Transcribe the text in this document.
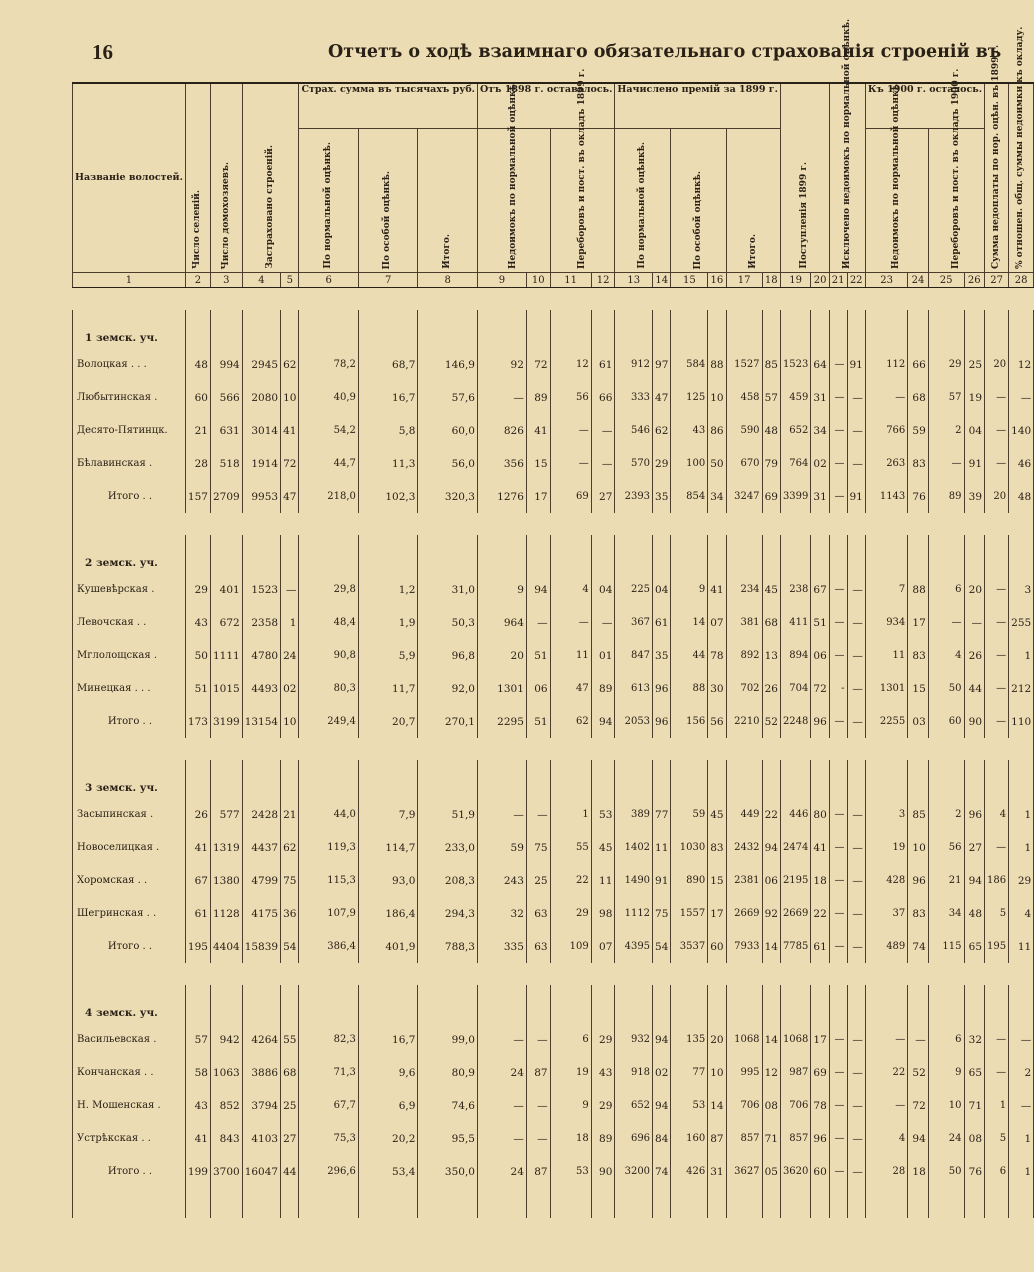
16	Отчетъ о ходѣ взаимнаго обязательнаго страхованія строеній въ
Названіе волостей.	Число селеній.	Число домохозяевъ.	Застраховано строеній.		Страх. сумма въ тысячахъ руб.			Отъ 1898 г. оставалось.				Начислено премій за 1899 г.						Поступленія 1899 г.		Исключено недоимокъ по нормальной оцѣнкѣ.		Къ 1900 г. осталось.				Сумма недоплаты по нор. оцѣн. въ 1899 г.	% отношен. общ. суммы недоимки къ окладу.
					По нормальной оцѣнкѣ.	По особой оцѣнкѣ.	Итого.	Недоимокъ по нормальной оцѣнкѣ.		Переборовъ и пост. въ окладъ 1899 г.		По нормальной оцѣнкѣ.		По особой оцѣнкѣ.		Итого.						Недоимокъ по нормальной оцѣнкѣ.		Переборовъ и пост. въ окладъ 1900 г.			
1	2	3	4	5	6	7	8	9	10	11	12	13	14	15	16	17	18	19	20	21	22	23	24	25	26	27	28

1 земск. уч.																											
Волоцкая . . .	48	994	2945	62	78,2	68,7	146,9	92	72	12	61	912	97	584	88	1527	85	1523	64	—	91	112	66	29	25	20	12
Любытинская .	60	566	2080	10	40,9	16,7	57,6	—	89	56	66	333	47	125	10	458	57	459	31	—	—	—	68	57	19	—	—
Десято-Пятинцк.	21	631	3014	41	54,2	5,8	60,0	826	41	—	—	546	62	43	86	590	48	652	34	—	—	766	59	2	04	—	140
Бѣлавинская .	28	518	1914	72	44,7	11,3	56,0	356	15	—	—	570	29	100	50	670	79	764	02	—	—	263	83	—	91	—	46
Итого . .	157	2709	9953	47	218,0	102,3	320,3	1276	17	69	27	2393	35	854	34	3247	69	3399	31	—	91	1143	76	89	39	20	48

2 земск. уч.																											
Кушевѣрская .	29	401	1523	—	29,8	1,2	31,0	9	94	4	04	225	04	9	41	234	45	238	67	—	—	7	88	6	20	—	3
Левочская . .	43	672	2358	1	48,4	1,9	50,3	964	—	—	—	367	61	14	07	381	68	411	51	—	—	934	17	—	—	—	255
Мглолощская .	50	1111	4780	24	90,8	5,9	96,8	20	51	11	01	847	35	44	78	892	13	894	06	—	—	11	83	4	26	—	1
Минецкая . . .	51	1015	4493	02	80,3	11,7	92,0	1301	06	47	89	613	96	88	30	702	26	704	72	-	—	1301	15	50	44	—	212
Итого . .	173	3199	13154	10	249,4	20,7	270,1	2295	51	62	94	2053	96	156	56	2210	52	2248	96	—	—	2255	03	60	90	—	110

3 земск. уч.																											
Засыпинская .	26	577	2428	21	44,0	7,9	51,9	—	—	1	53	389	77	59	45	449	22	446	80	—	—	3	85	2	96	4	1
Новоселицкая .	41	1319	4437	62	119,3	114,7	233,0	59	75	55	45	1402	11	1030	83	2432	94	2474	41	—	—	19	10	56	27	—	1
Хоромская . .	67	1380	4799	75	115,3	93,0	208,3	243	25	22	11	1490	91	890	15	2381	06	2195	18	—	—	428	96	21	94	186	29
Шегринская . .	61	1128	4175	36	107,9	186,4	294,3	32	63	29	98	1112	75	1557	17	2669	92	2669	22	—	—	37	83	34	48	5	4
Итого . .	195	4404	15839	54	386,4	401,9	788,3	335	63	109	07	4395	54	3537	60	7933	14	7785	61	—	—	489	74	115	65	195	11

4 земск. уч.																											
Васильевская .	57	942	4264	55	82,3	16,7	99,0	—	—	6	29	932	94	135	20	1068	14	1068	17	—	—	—	—	6	32	—	—
Кончанская . .	58	1063	3886	68	71,3	9,6	80,9	24	87	19	43	918	02	77	10	995	12	987	69	—	—	22	52	9	65	—	2
Н. Мошенская .	43	852	3794	25	67,7	6,9	74,6	—	—	9	29	652	94	53	14	706	08	706	78	—	—	—	72	10	71	1	—
Устрѣкская . .	41	843	4103	27	75,3	20,2	95,5	—	—	18	89	696	84	160	87	857	71	857	96	—	—	4	94	24	08	5	1
Итого . .	199	3700	16047	44	296,6	53,4	350,0	24	87	53	90	3200	74	426	31	3627	05	3620	60	—	—	28	18	50	76	6	1
